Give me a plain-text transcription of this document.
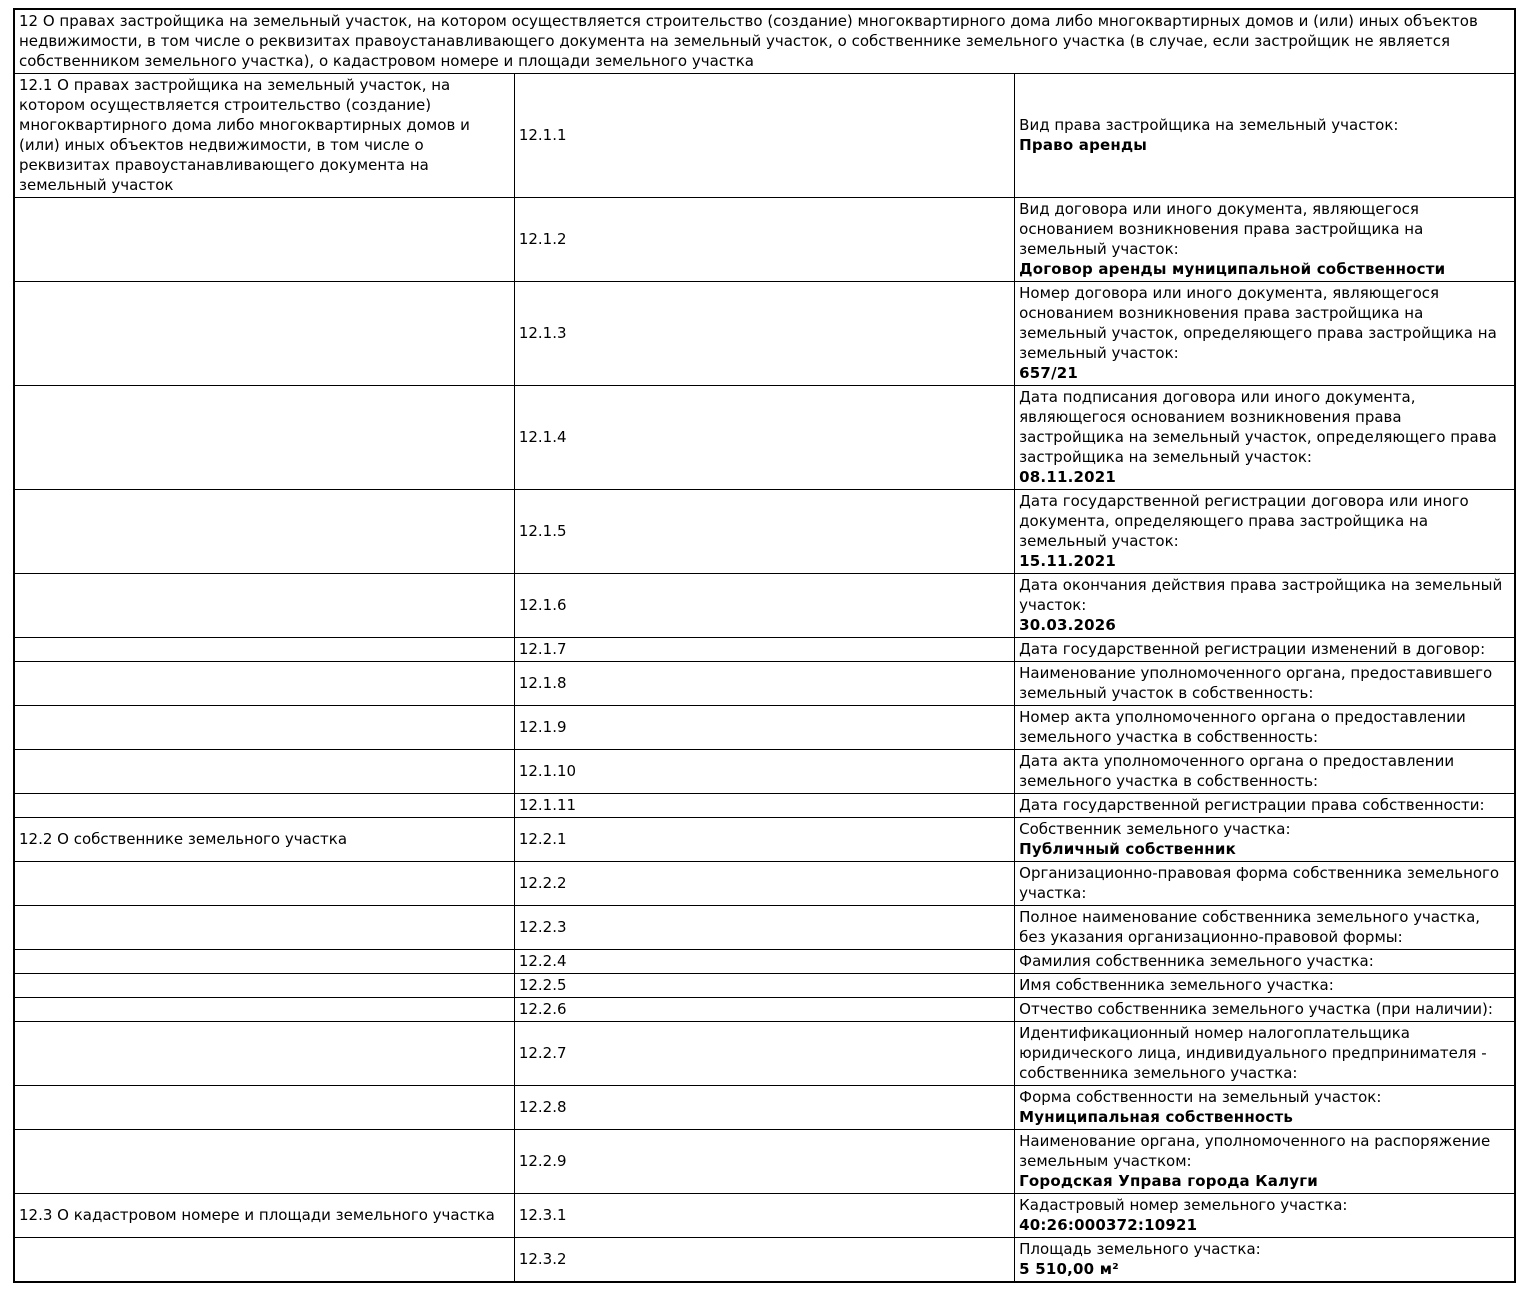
12 О правах застройщика на земельный участок, на котором осуществляется строительство (создание) многоквартирного дома либо многоквартирных домов и (или) иных объектов недвижимости, в том числе о реквизитах правоустанавливающего документа на земельный участок, о собственнике земельного участка (в случае, если застройщик не является собственником земельного участка), о кадастровом номере и площади земельного участка		
12.1 О правах застройщика на земельный участок, на котором осуществляется строительство (создание) многоквартирного дома либо многоквартирных домов и (или) иных объектов недвижимости, в том числе о реквизитах правоустанавливающего документа на земельный участок	12.1.1	Вид права застройщика на земельный участок:
Право аренды

	12.1.2	Вид договора или иного документа, являющегося основанием возникновения права застройщика на земельный участок:
Договор аренды муниципальной собственности

	12.1.3	Номер договора или иного документа, являющегося основанием возникновения права застройщика на земельный участок, определяющего права застройщика на земельный участок:
657/21

	12.1.4	Дата подписания договора или иного документа, являющегося основанием возникновения права застройщика на земельный участок, определяющего права застройщика на земельный участок:
08.11.2021

	12.1.5	Дата государственной регистрации договора или иного документа, определяющего права застройщика на земельный участок:
15.11.2021

	12.1.6	Дата окончания действия права застройщика на земельный участок:
30.03.2026

	12.1.7	Дата государственной регистрации изменений в договор:

	12.1.8	Наименование уполномоченного органа, предоставившего земельный участок в собственность:

	12.1.9	Номер акта уполномоченного органа о предоставлении земельного участка в собственность:

	12.1.10	Дата акта уполномоченного органа о предоставлении земельного участка в собственность:

	12.1.11	Дата государственной регистрации права собственности:

12.2 О собственнике земельного участка	12.2.1	Собственник земельного участка:
Публичный собственник

	12.2.2	Организационно-правовая форма собственника земельного участка:

	12.2.3	Полное наименование собственника земельного участка, без указания организационно-правовой формы:

	12.2.4	Фамилия собственника земельного участка:

	12.2.5	Имя собственника земельного участка:

	12.2.6	Отчество собственника земельного участка (при наличии):

	12.2.7	Идентификационный номер налогоплательщика юридического лица, индивидуального предпринимателя - собственника земельного участка:

	12.2.8	Форма собственности на земельный участок:
Муниципальная собственность

	12.2.9	Наименование органа, уполномоченного на распоряжение земельным участком:
Городская Управа города Калуги

12.3 О кадастровом номере и площади земельного участка	12.3.1	Кадастровый номер земельного участка:
40:26:000372:10921

	12.3.2	Площадь земельного участка:
5 510,00 м²
